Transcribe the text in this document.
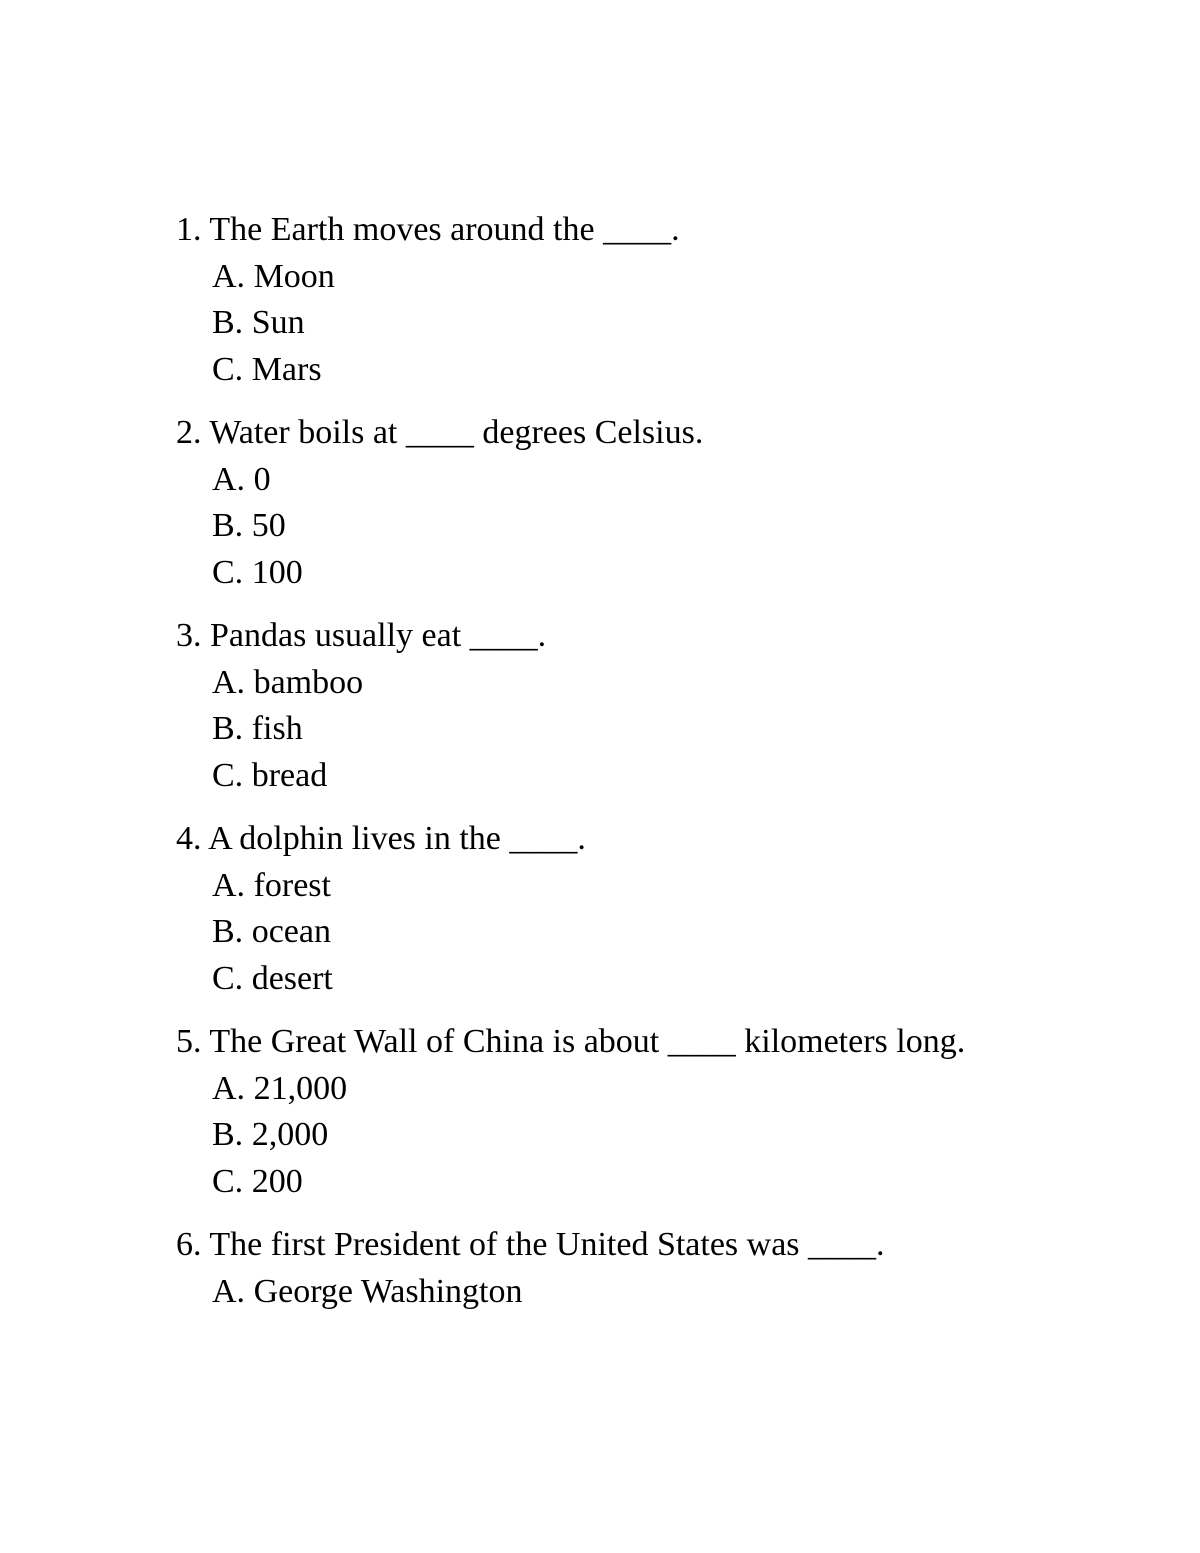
1. The Earth moves around the ____.
A. Moon
B. Sun
C. Mars
2. Water boils at ____ degrees Celsius.
A. 0
B. 50
C. 100
3. Pandas usually eat ____.
A. bamboo
B. fish
C. bread
4. A dolphin lives in the ____.
A. forest
B. ocean
C. desert
5. The Great Wall of China is about ____ kilometers long.
A. 21,000
B. 2,000
C. 200
6. The first President of the United States was ____.
A. George Washington
